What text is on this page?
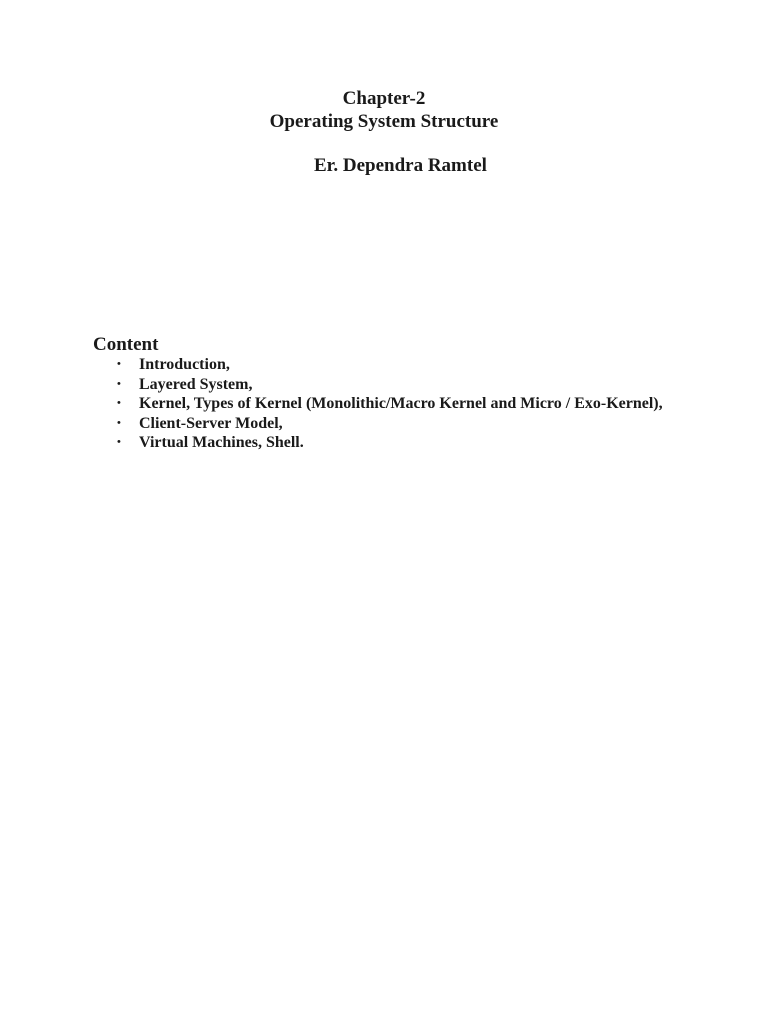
Chapter-2
Operating System Structure
Er. Dependra Ramtel
Content
• Introduction,
• Layered System,
• Kernel, Types of Kernel (Monolithic/Macro Kernel and Micro / Exo-Kernel),
• Client-Server Model,
• Virtual Machines, Shell.
